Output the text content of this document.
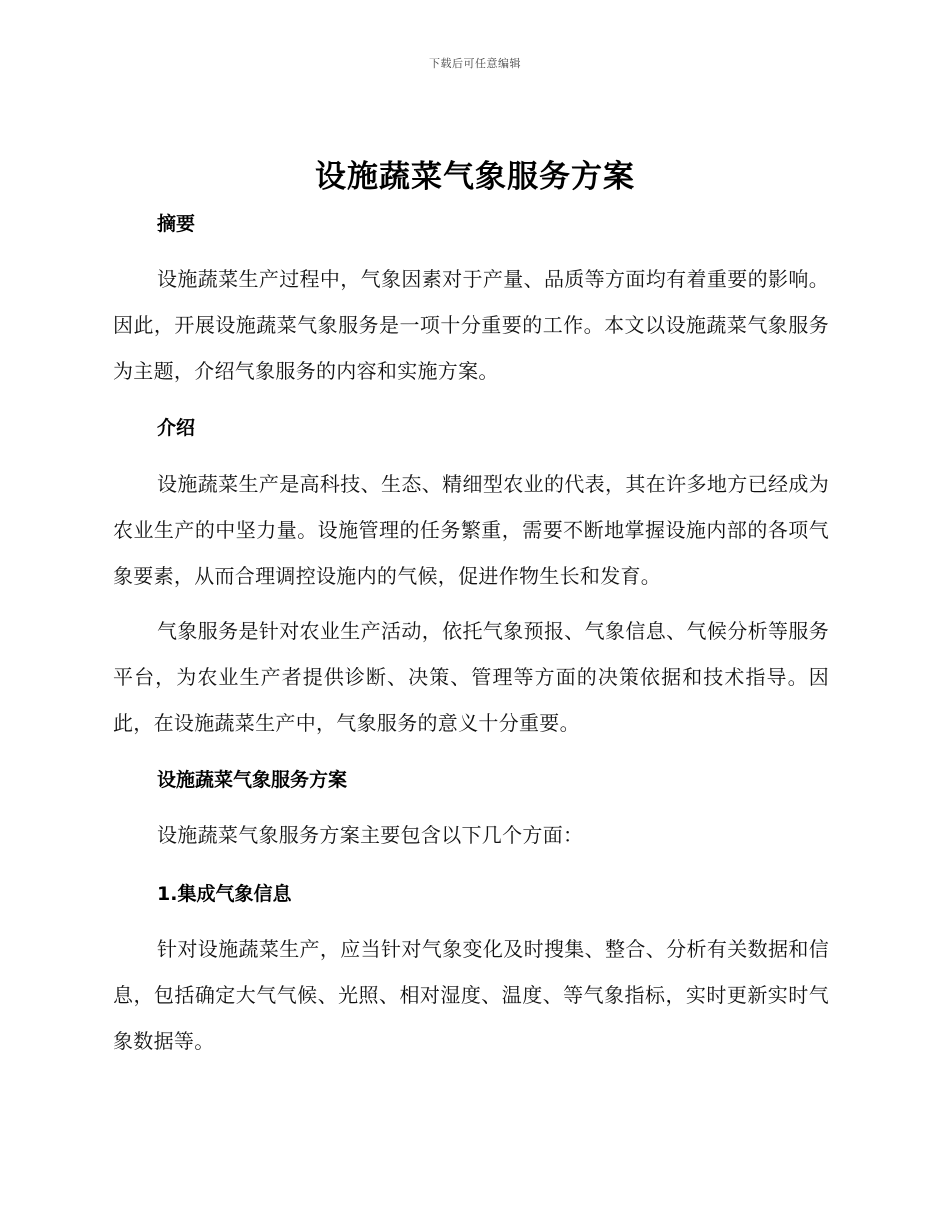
下载后可任意编辑
设施蔬菜气象服务方案
摘要
设施蔬菜生产过程中，气象因素对于产量、品质等方面均有着重要的影响。因此，开展设施蔬菜气象服务是一项十分重要的工作。本文以设施蔬菜气象服务为主题，介绍气象服务的内容和实施方案。
介绍
设施蔬菜生产是高科技、生态、精细型农业的代表，其在许多地方已经成为农业生产的中坚力量。设施管理的任务繁重，需要不断地掌握设施内部的各项气象要素，从而合理调控设施内的气候，促进作物生长和发育。
气象服务是针对农业生产活动，依托气象预报、气象信息、气候分析等服务平台，为农业生产者提供诊断、决策、管理等方面的决策依据和技术指导。因此，在设施蔬菜生产中，气象服务的意义十分重要。
设施蔬菜气象服务方案
设施蔬菜气象服务方案主要包含以下几个方面：
1.集成气象信息
针对设施蔬菜生产，应当针对气象变化及时搜集、整合、分析有关数据和信息，包括确定大气气候、光照、相对湿度、温度、等气象指标，实时更新实时气象数据等。
